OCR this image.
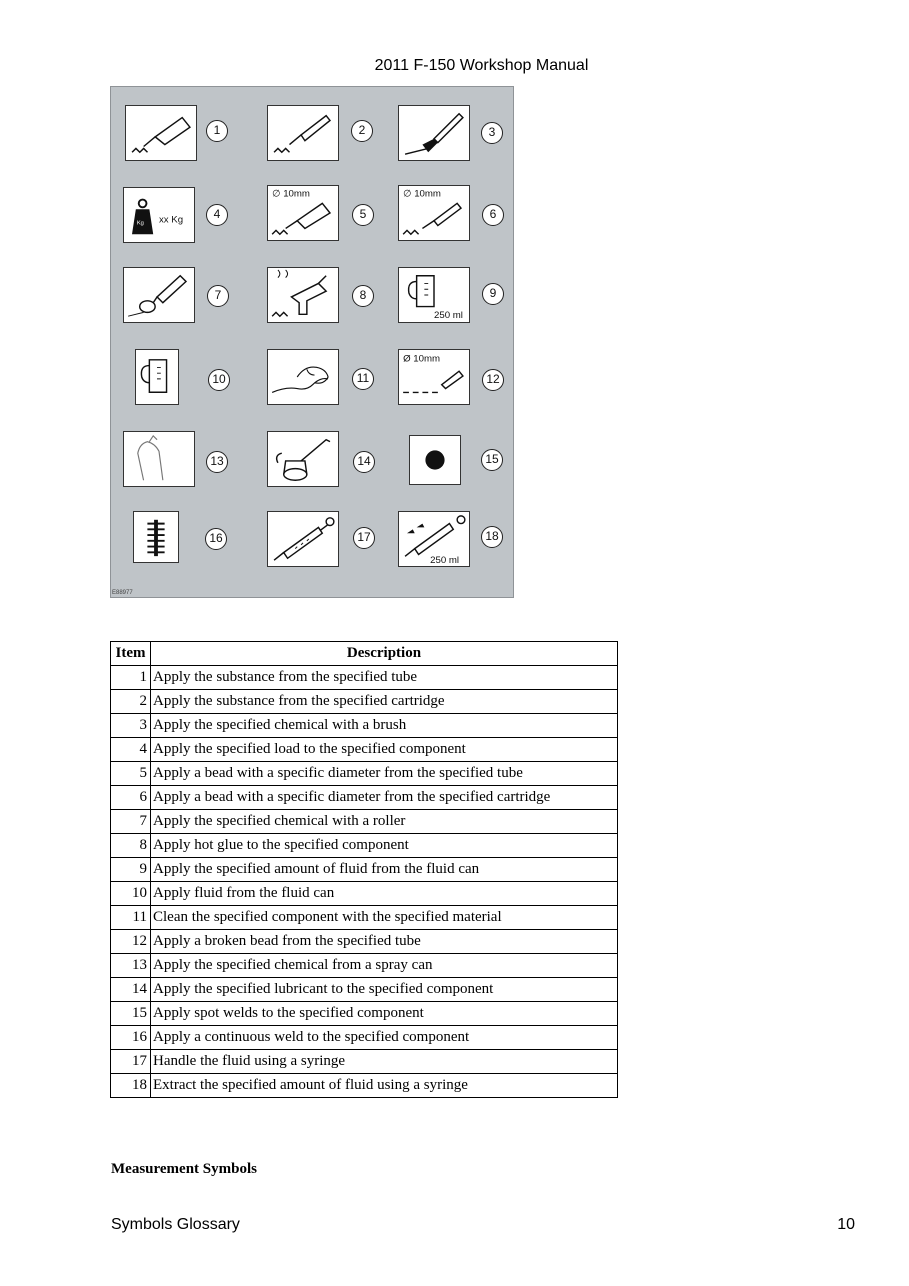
2011 F-150 Workshop Manual
1	2	3
Kg xx Kg	4
∅ 10mm
5
∅ 10mm
6
7	8
250 ml
9
10	11
Ø 10mm
12
13	14	15
16	17
250 ml
18
E88977
Item	Description
1	Apply the substance from the specified tube
2	Apply the substance from the specified cartridge
3	Apply the specified chemical with a brush
4	Apply the specified load to the specified component
5	Apply a bead with a specific diameter from the specified tube
6	Apply a bead with a specific diameter from the specified cartridge
7	Apply the specified chemical with a roller
8	Apply hot glue to the specified component
9	Apply the specified amount of fluid from the fluid can
10	Apply fluid from the fluid can
11	Clean the specified component with the specified material
12	Apply a broken bead from the specified tube
13	Apply the specified chemical from a spray can
14	Apply the specified lubricant to the specified component
15	Apply spot welds to the specified component
16	Apply a continuous weld to the specified component
17	Handle the fluid using a syringe
18	Extract the specified amount of fluid using a syringe
Measurement Symbols
Symbols Glossary	10
